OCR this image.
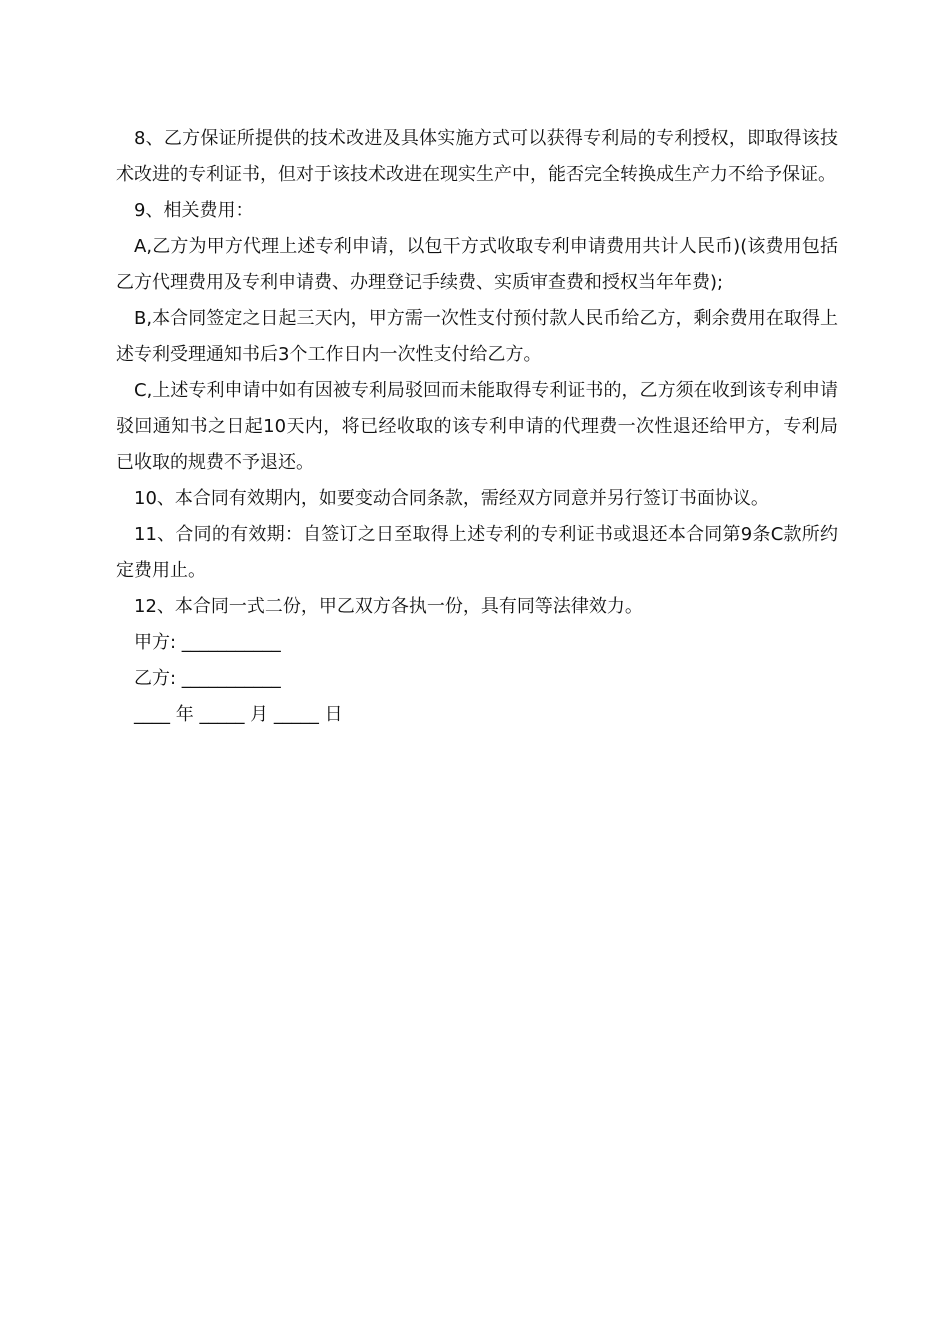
8、乙方保证所提供的技术改进及具体实施方式可以获得专利局的专利授权，即取得该技术改进的专利证书，但对于该技术改进在现实生产中，能否完全转换成生产力不给予保证。

9、相关费用：

A,乙方为甲方代理上述专利申请，以包干方式收取专利申请费用共计人民币)(该费用包括乙方代理费用及专利申请费、办理登记手续费、实质审查费和授权当年年费);

B,本合同签定之日起三天内，甲方需一次性支付预付款人民币给乙方，剩余费用在取得上述专利受理通知书后3个工作日内一次性支付给乙方。

C,上述专利申请中如有因被专利局驳回而未能取得专利证书的，乙方须在收到该专利申请驳回通知书之日起10天内，将已经收取的该专利申请的代理费一次性退还给甲方，专利局已收取的规费不予退还。

10、本合同有效期内，如要变动合同条款，需经双方同意并另行签订书面协议。

11、合同的有效期：自签订之日至取得上述专利的专利证书或退还本合同第9条C款所约定费用止。

12、本合同一式二份，甲乙双方各执一份，具有同等法律效力。

甲方: ___________

乙方: ___________

____ 年 _____ 月 _____ 日
